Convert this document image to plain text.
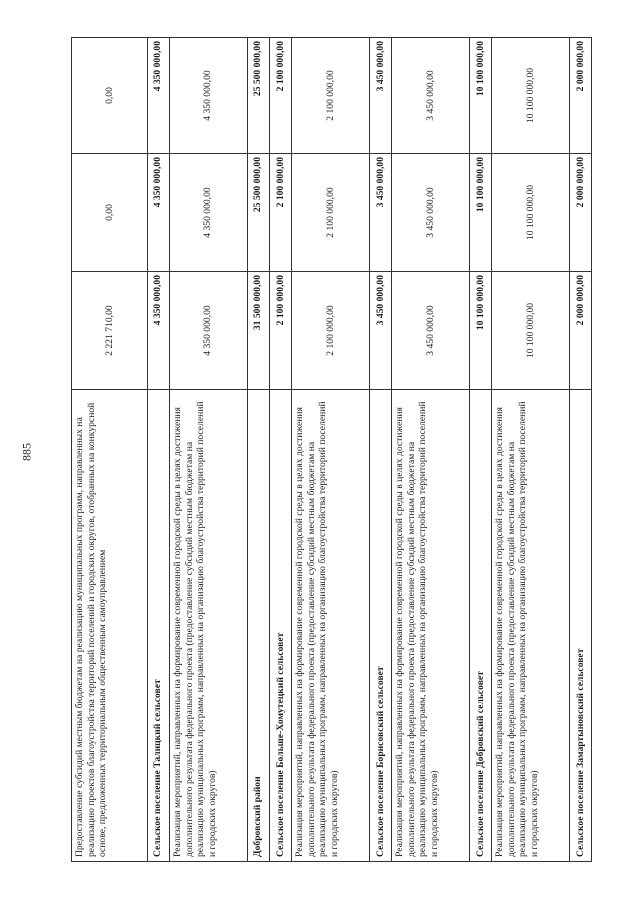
885	Предоставление субсидий местным бюджетам на реализацию муниципальных программ, направленных на реализацию проектов благоустройства территорий поселений и городских округов, отобранных на конкурсной основе, предложенных территориальным общественным самоуправлением	2 221 710,00	0,00	0,00
Сельское поселение Талицкий сельсовет	4 350 000,00	4 350 000,00	4 350 000,00
Реализация мероприятий, направленных на формирование современной городской среды в целях достижения дополнительного результата федерального проекта (предоставление субсидий местным бюджетам на реализацию муниципальных программ, направленных на организацию благоустройства территорий поселений и городских округов)	4 350 000,00	4 350 000,00	4 350 000,00
Добровский район	31 500 000,00	25 500 000,00	25 500 000,00
Сельское поселение Больше-Хомутецкий сельсовет	2 100 000,00	2 100 000,00	2 100 000,00
Реализация мероприятий, направленных на формирование современной городской среды в целях достижения дополнительного результата федерального проекта (предоставление субсидий местным бюджетам на реализацию муниципальных программ, направленных на организацию благоустройства территорий поселений и городских округов)	2 100 000,00	2 100 000,00	2 100 000,00
Сельское поселение Борисовский сельсовет	3 450 000,00	3 450 000,00	3 450 000,00
Реализация мероприятий, направленных на формирование современной городской среды в целях достижения дополнительного результата федерального проекта (предоставление субсидий местным бюджетам на реализацию муниципальных программ, направленных на организацию благоустройства территорий поселений и городских округов)	3 450 000,00	3 450 000,00	3 450 000,00
Сельское поселение Добровский сельсовет	10 100 000,00	10 100 000,00	10 100 000,00
Реализация мероприятий, направленных на формирование современной городской среды в целях достижения дополнительного результата федерального проекта (предоставление субсидий местным бюджетам на реализацию муниципальных программ, направленных на организацию благоустройства территорий поселений и городских округов)	10 100 000,00	10 100 000,00	10 100 000,00
Сельское поселение Замартыновский сельсовет	2 000 000,00	2 000 000,00	2 000 000,00
